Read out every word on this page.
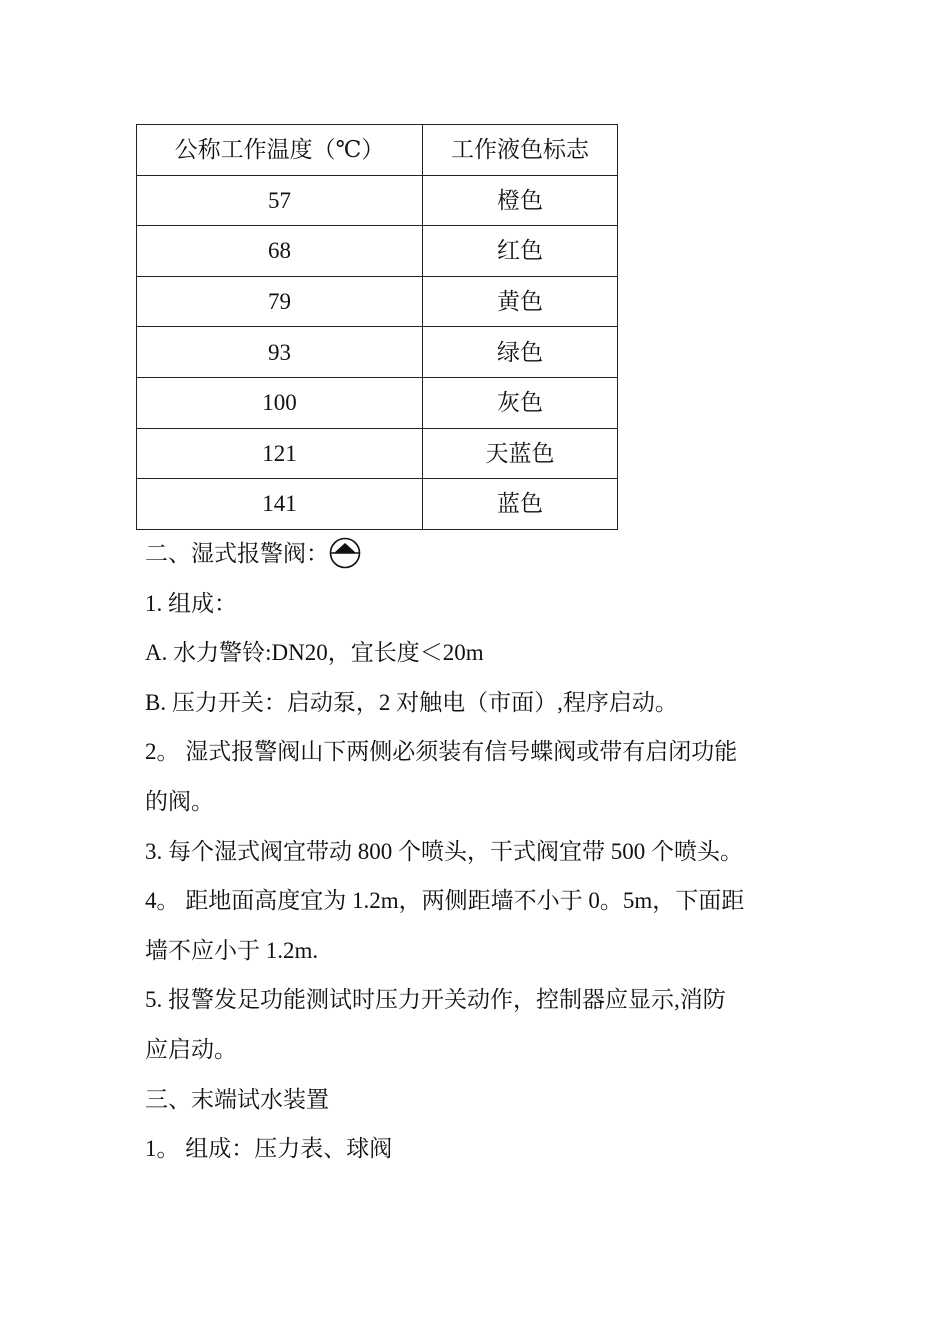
公称工作温度（℃）	工作液色标志
57	橙色
68	红色
79	黄色
93	绿色
100	灰色
121	天蓝色
141	蓝色
二、湿式报警阀：
1. 组成：
A. 水力警铃:DN20，宜长度＜20m
B. 压力开关：启动泵，2 对触电（市面）,程序启动。
2。 湿式报警阀山下两侧必须装有信号蝶阀或带有启闭功能
的阀。
3. 每个湿式阀宜带动 800 个喷头，干式阀宜带 500 个喷头。
4。 距地面高度宜为 1.2m，两侧距墙不小于 0。5m，下面距
墙不应小于 1.2m.
5. 报警发足功能测试时压力开关动作，控制器应显示,消防
应启动。
三、末端试水装置
1。 组成：压力表、球阀
